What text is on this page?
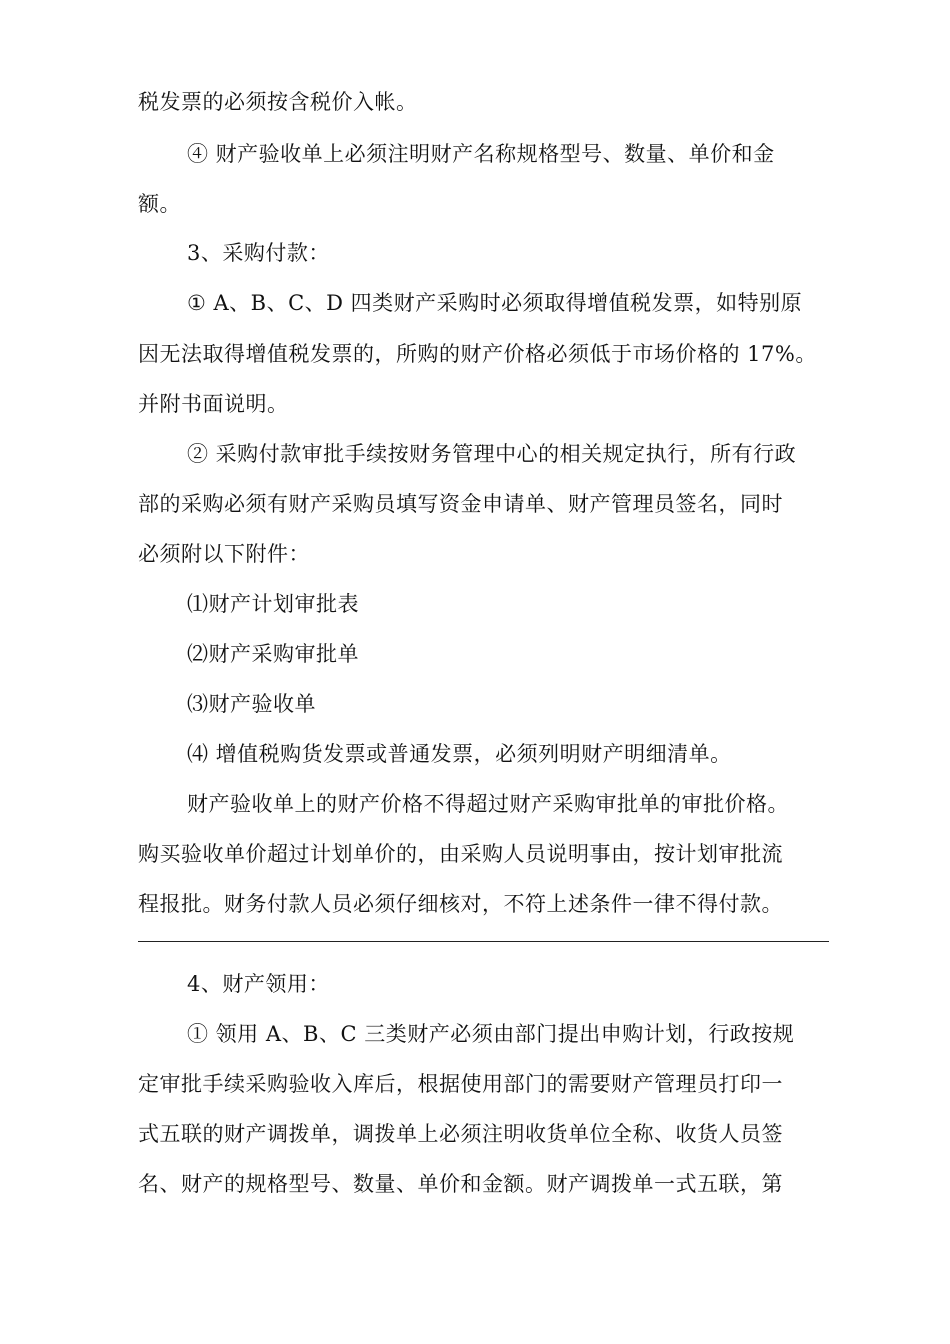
税发票的必须按含税价入帐。
④ 财产验收单上必须注明财产名称规格型号、数量、单价和金
额。
3、采购付款：
① A、B、C、D 四类财产采购时必须取得增值税发票，如特别原
因无法取得增值税发票的，所购的财产价格必须低于市场价格的 17%。
并附书面说明。
② 采购付款审批手续按财务管理中心的相关规定执行，所有行政
部的采购必须有财产采购员填写资金申请单、财产管理员签名，同时
必须附以下附件：
⑴财产计划审批表
⑵财产采购审批单
⑶财产验收单
⑷ 增值税购货发票或普通发票，必须列明财产明细清单。
财产验收单上的财产价格不得超过财产采购审批单的审批价格。
购买验收单价超过计划单价的，由采购人员说明事由，按计划审批流
程报批。财务付款人员必须仔细核对，不符上述条件一律不得付款。
4、财产领用：
① 领用 A、B、C 三类财产必须由部门提出申购计划，行政按规
定审批手续采购验收入库后，根据使用部门的需要财产管理员打印一
式五联的财产调拨单，调拨单上必须注明收货单位全称、收货人员签
名、财产的规格型号、数量、单价和金额。财产调拨单一式五联，第
